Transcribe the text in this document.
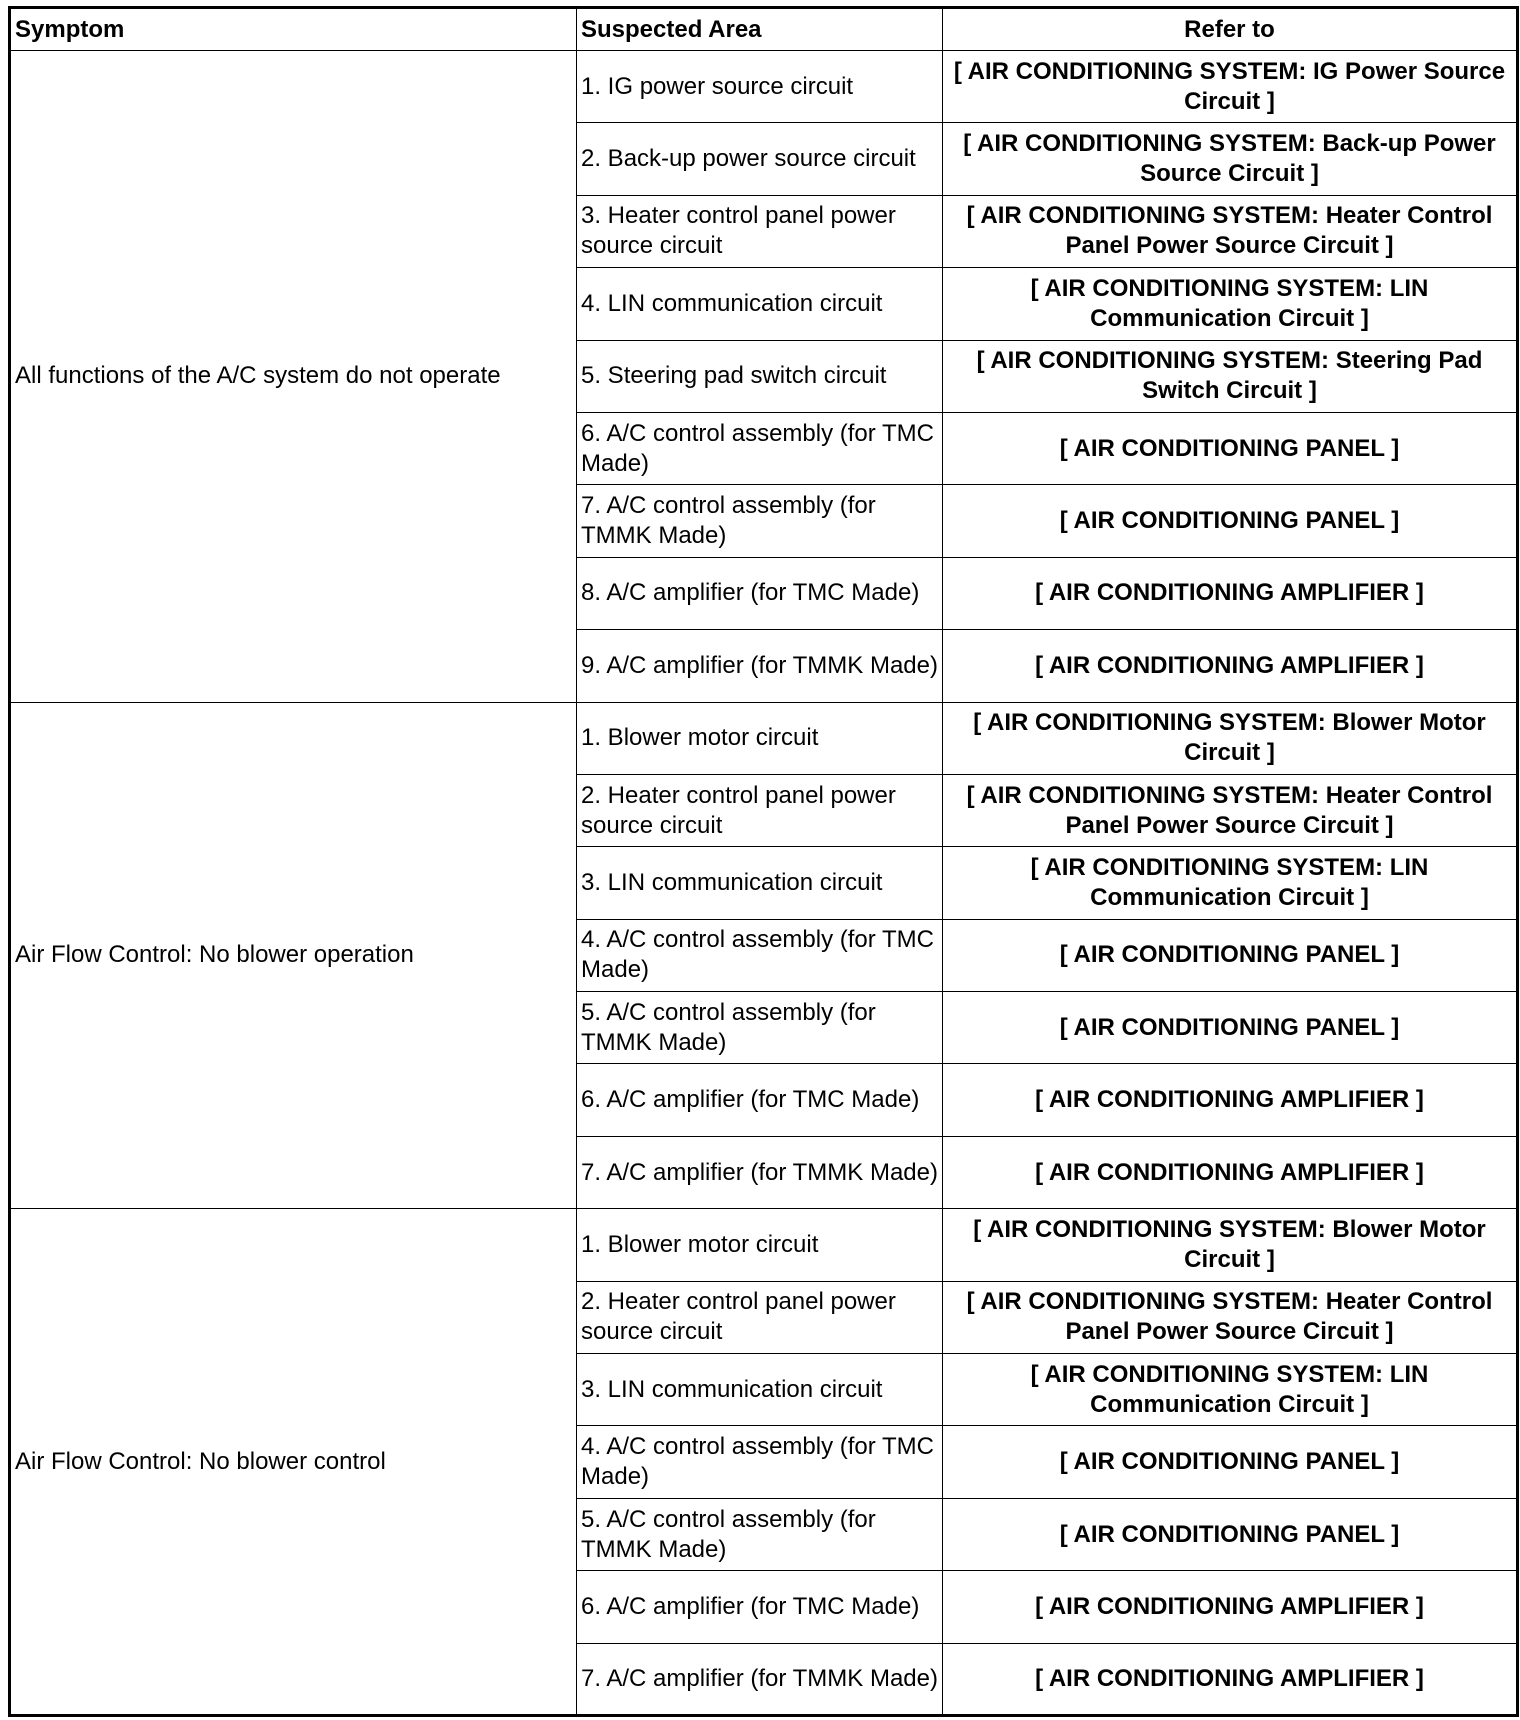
Symptom	Suspected Area	Refer to
All functions of the A/C system do not operate	1. IG power source circuit	[ AIR CONDITIONING SYSTEM: IG Power Source Circuit ]
	2. Back-up power source circuit	[ AIR CONDITIONING SYSTEM: Back-up Power Source Circuit ]
	3. Heater control panel power source circuit	[ AIR CONDITIONING SYSTEM: Heater Control Panel Power Source Circuit ]
	4. LIN communication circuit	[ AIR CONDITIONING SYSTEM: LIN Communication Circuit ]
	5. Steering pad switch circuit	[ AIR CONDITIONING SYSTEM: Steering Pad Switch Circuit ]
	6. A/C control assembly (for TMC Made)	[ AIR CONDITIONING PANEL ]
	7. A/C control assembly (for TMMK Made)	[ AIR CONDITIONING PANEL ]
	8. A/C amplifier (for TMC Made)	[ AIR CONDITIONING AMPLIFIER ]
	9. A/C amplifier (for TMMK Made)	[ AIR CONDITIONING AMPLIFIER ]
Air Flow Control: No blower operation	1. Blower motor circuit	[ AIR CONDITIONING SYSTEM: Blower Motor Circuit ]
	2. Heater control panel power source circuit	[ AIR CONDITIONING SYSTEM: Heater Control Panel Power Source Circuit ]
	3. LIN communication circuit	[ AIR CONDITIONING SYSTEM: LIN Communication Circuit ]
	4. A/C control assembly (for TMC Made)	[ AIR CONDITIONING PANEL ]
	5. A/C control assembly (for TMMK Made)	[ AIR CONDITIONING PANEL ]
	6. A/C amplifier (for TMC Made)	[ AIR CONDITIONING AMPLIFIER ]
	7. A/C amplifier (for TMMK Made)	[ AIR CONDITIONING AMPLIFIER ]
Air Flow Control: No blower control	1. Blower motor circuit	[ AIR CONDITIONING SYSTEM: Blower Motor Circuit ]
	2. Heater control panel power source circuit	[ AIR CONDITIONING SYSTEM: Heater Control Panel Power Source Circuit ]
	3. LIN communication circuit	[ AIR CONDITIONING SYSTEM: LIN Communication Circuit ]
	4. A/C control assembly (for TMC Made)	[ AIR CONDITIONING PANEL ]
	5. A/C control assembly (for TMMK Made)	[ AIR CONDITIONING PANEL ]
	6. A/C amplifier (for TMC Made)	[ AIR CONDITIONING AMPLIFIER ]
	7. A/C amplifier (for TMMK Made)	[ AIR CONDITIONING AMPLIFIER ]
